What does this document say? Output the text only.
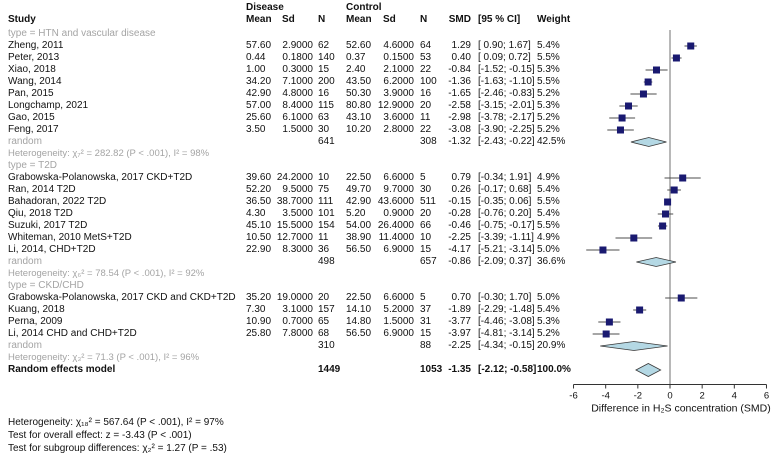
Disease	Control
Study	Mean Sd N Mean Sd N	SMD [95 % CI] Weight
type = HTN and vascular disease
Zheng, 2011	57.60	2.9000 62 52.60	4.6000 64	1.29 [ 0.90; 1.67] 5.4%
Peter, 2013	0.44	0.1800 140 0.37	0.1500 53	0.40 [ 0.09; 0.72] 5.5%
Xiao, 2018	1.00	0.3000 15 2.40	2.1000 22	-0.84 [-1.52; -0.15] 5.3%
Wang, 2014	34.20	7.1000 200 43.50	6.2000 100	-1.36 [-1.63; -1.10] 5.5%
Pan, 2015	42.90	4.8000 16 50.30	3.9000 16	-1.65 [-2.46; -0.83] 5.2%
Longchamp, 2021	57.00	8.4000 115 80.80 12.9000 20	-2.58 [-3.15; -2.01] 5.3%
Gao, 2015	25.60	6.1000 63 43.10	3.6000 11	-2.98 [-3.78; -2.17] 5.2%
Feng, 2017	3.50	1.5000 30 10.20	2.8000 22	-3.08 [-3.90; -2.25] 5.2%
random	641	308	-1.32 [-2.43; -0.22] 42.5%
Heterogeneity: χ₇² = 282.82 (P < .001), I² = 98%
type = T2D
Grabowska-Polanowska, 2017 CKD+T2D	39.60 24.2000 10 22.50	6.6000 5	0.79 [-0.34; 1.91] 4.9%
Ran, 2014 T2D	52.20	9.5000 75 49.70	9.7000 30	0.26 [-0.17; 0.68] 5.4%
Bahadoran, 2022 T2D	36.50 38.7000 111 42.90 43.6000 511	-0.15 [-0.35; 0.06] 5.5%
Qiu, 2018 T2D	4.30	3.5000 101 5.20	0.9000 20	-0.28 [-0.76; 0.20] 5.4%
Suzuki, 2017 T2D	45.10 15.5000 154 54.00 26.4000 66	-0.46 [-0.75; -0.17] 5.5%
Whiteman, 2010 MetS+T2D	10.50 12.7000 11 38.90 11.4000 10	-2.25 [-3.39; -1.11] 4.9%
Li, 2014, CHD+T2D	22.90	8.3000 36 56.50	6.9000 15	-4.17 [-5.21; -3.14] 5.0%
random	498	657	-0.86 [-2.09; 0.37] 36.6%
Heterogeneity: χ₆² = 78.54 (P < .001), I² = 92%
type = CKD/CHD
Grabowska-Polanowska, 2017 CKD and CKD+T2D 35.20 19.0000 20 22.50	6.6000 5	0.70 [-0.30; 1.70] 5.0%
Kuang, 2018	7.30	3.1000 157 14.10	5.2000 37	-1.89 [-2.29; -1.48] 5.4%
Perna, 2009	10.90	0.7000 65 14.80	1.5000 31	-3.77 [-4.46; -3.08] 5.3%
Li, 2014 CHD and CHD+T2D	25.80	7.8000 68 56.50	6.9000 15	-3.97 [-4.81; -3.14] 5.2%
random	310	88	-2.25 [-4.34; -0.15] 20.9%
Heterogeneity: χ₃² = 71.3 (P < .001), I² = 96%
Random effects model	1449	1053 -1.35 [-2.12; -0.58] 100.0%
-6 -4 -2	0	2	4	6
Difference in H₂S concentration (SMD)
Heterogeneity: χ₁₈² = 567.64 (P < .001), I² = 97%
Test for overall effect: z = -3.43 (P < .001)
Test for subgroup differences: χ₂² = 1.27 (P = .53)
